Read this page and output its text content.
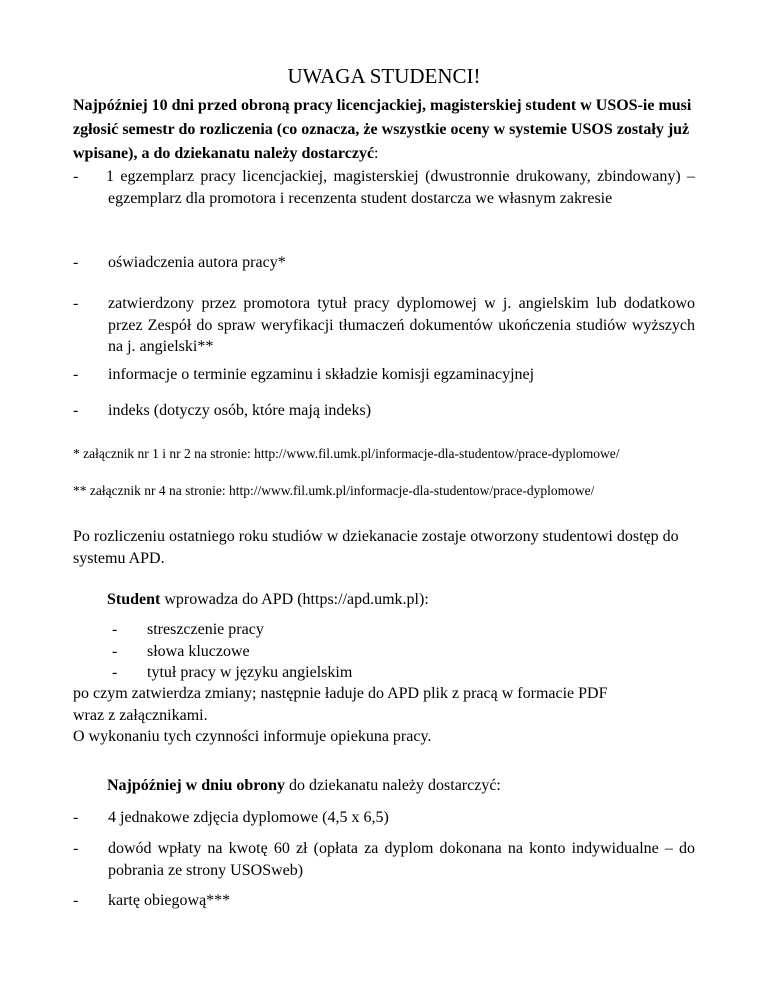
UWAGA STUDENCI!
Najpóźniej 10 dni przed obroną pracy licencjackiej, magisterskiej student w USOS-ie musi zgłosić semestr do rozliczenia (co oznacza, że wszystkie oceny w systemie USOS zostały już wpisane), a do dziekanatu należy dostarczyć:
- 1 egzemplarz pracy licencjackiej, magisterskiej (dwustronnie drukowany, zbindowany) – egzemplarz dla promotora i recenzenta student dostarcza we własnym zakresie
- oświadczenia autora pracy*
- zatwierdzony przez promotora tytuł pracy dyplomowej w j. angielskim lub dodatkowo przez Zespół do spraw weryfikacji tłumaczeń dokumentów ukończenia studiów wyższych na j. angielski**
- informacje o terminie egzaminu i składzie komisji egzaminacyjnej
- indeks (dotyczy osób, które mają indeks)
* załącznik nr 1 i nr 2 na stronie: http://www.fil.umk.pl/informacje-dla-studentow/prace-dyplomowe/
** załącznik nr 4 na stronie: http://www.fil.umk.pl/informacje-dla-studentow/prace-dyplomowe/
Po rozliczeniu ostatniego roku studiów w dziekanacie zostaje otworzony studentowi dostęp do systemu APD.
Student wprowadza do APD (https://apd.umk.pl):
- streszczenie pracy
- słowa kluczowe
- tytuł pracy w języku angielskim
po czym zatwierdza zmiany; następnie ładuje do APD plik z pracą w formacie PDF
wraz z załącznikami.
O wykonaniu tych czynności informuje opiekuna pracy.
Najpóźniej w dniu obrony do dziekanatu należy dostarczyć:
- 4 jednakowe zdjęcia dyplomowe (4,5 x 6,5)
- dowód wpłaty na kwotę 60 zł (opłata za dyplom dokonana na konto indywidualne – do pobrania ze strony USOSweb)
- kartę obiegową***
